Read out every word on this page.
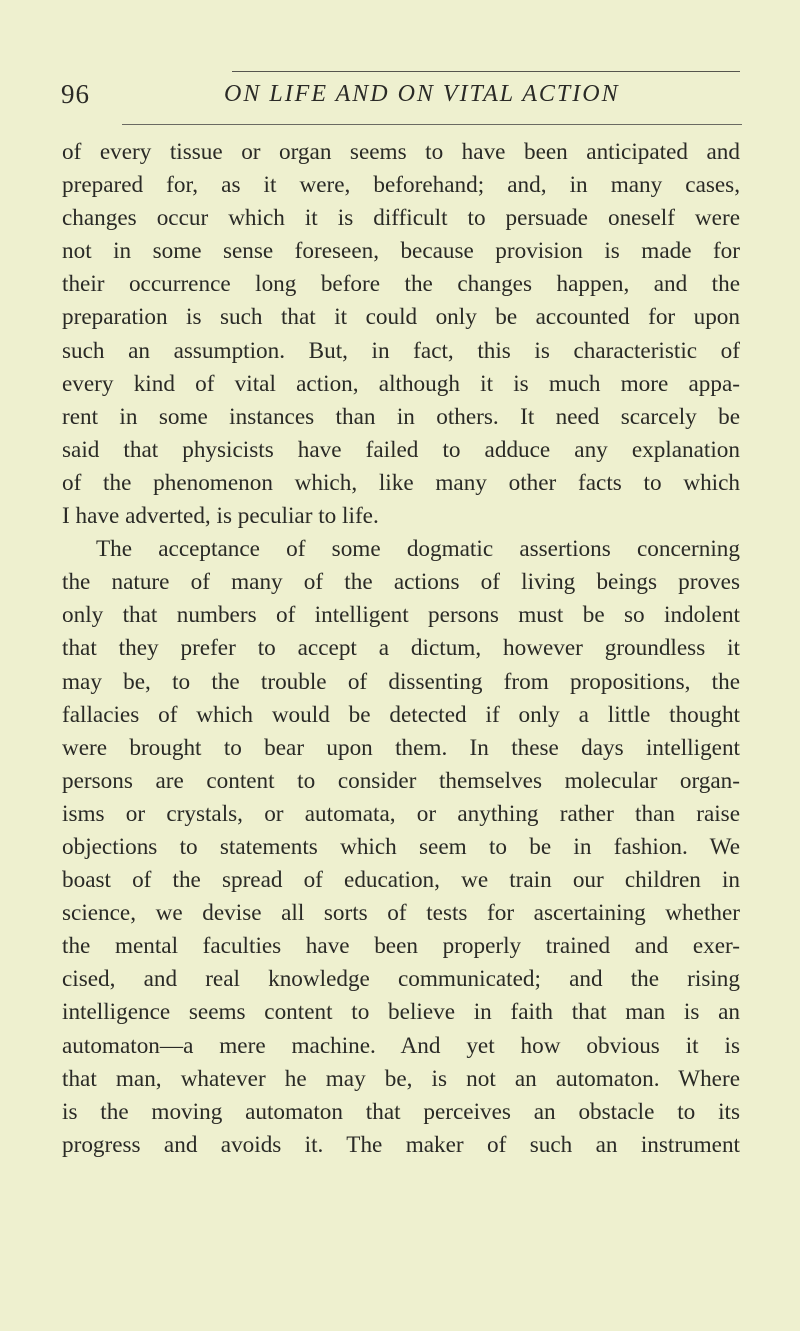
96	ON LIFE AND ON VITAL ACTION
of every tissue or organ seems to have been anticipated and
prepared for, as it were, beforehand; and, in many cases,
changes occur which it is difficult to persuade oneself were
not in some sense foreseen, because provision is made for
their occurrence long before the changes happen, and the
preparation is such that it could only be accounted for upon
such an assumption. But, in fact, this is characteristic of
every kind of vital action, although it is much more appa-
rent in some instances than in others. It need scarcely be
said that physicists have failed to adduce any explanation
of the phenomenon which, like many other facts to which
I have adverted, is peculiar to life.
The acceptance of some dogmatic assertions concerning
the nature of many of the actions of living beings proves
only that numbers of intelligent persons must be so indolent
that they prefer to accept a dictum, however groundless it
may be, to the trouble of dissenting from propositions, the
fallacies of which would be detected if only a little thought
were brought to bear upon them. In these days intelligent
persons are content to consider themselves molecular organ-
isms or crystals, or automata, or anything rather than raise
objections to statements which seem to be in fashion. We
boast of the spread of education, we train our children in
science, we devise all sorts of tests for ascertaining whether
the mental faculties have been properly trained and exer-
cised, and real knowledge communicated; and the rising
intelligence seems content to believe in faith that man is an
automaton—a mere machine. And yet how obvious it is
that man, whatever he may be, is not an automaton. Where
is the moving automaton that perceives an obstacle to its
progress and avoids it. The maker of such an instrument
